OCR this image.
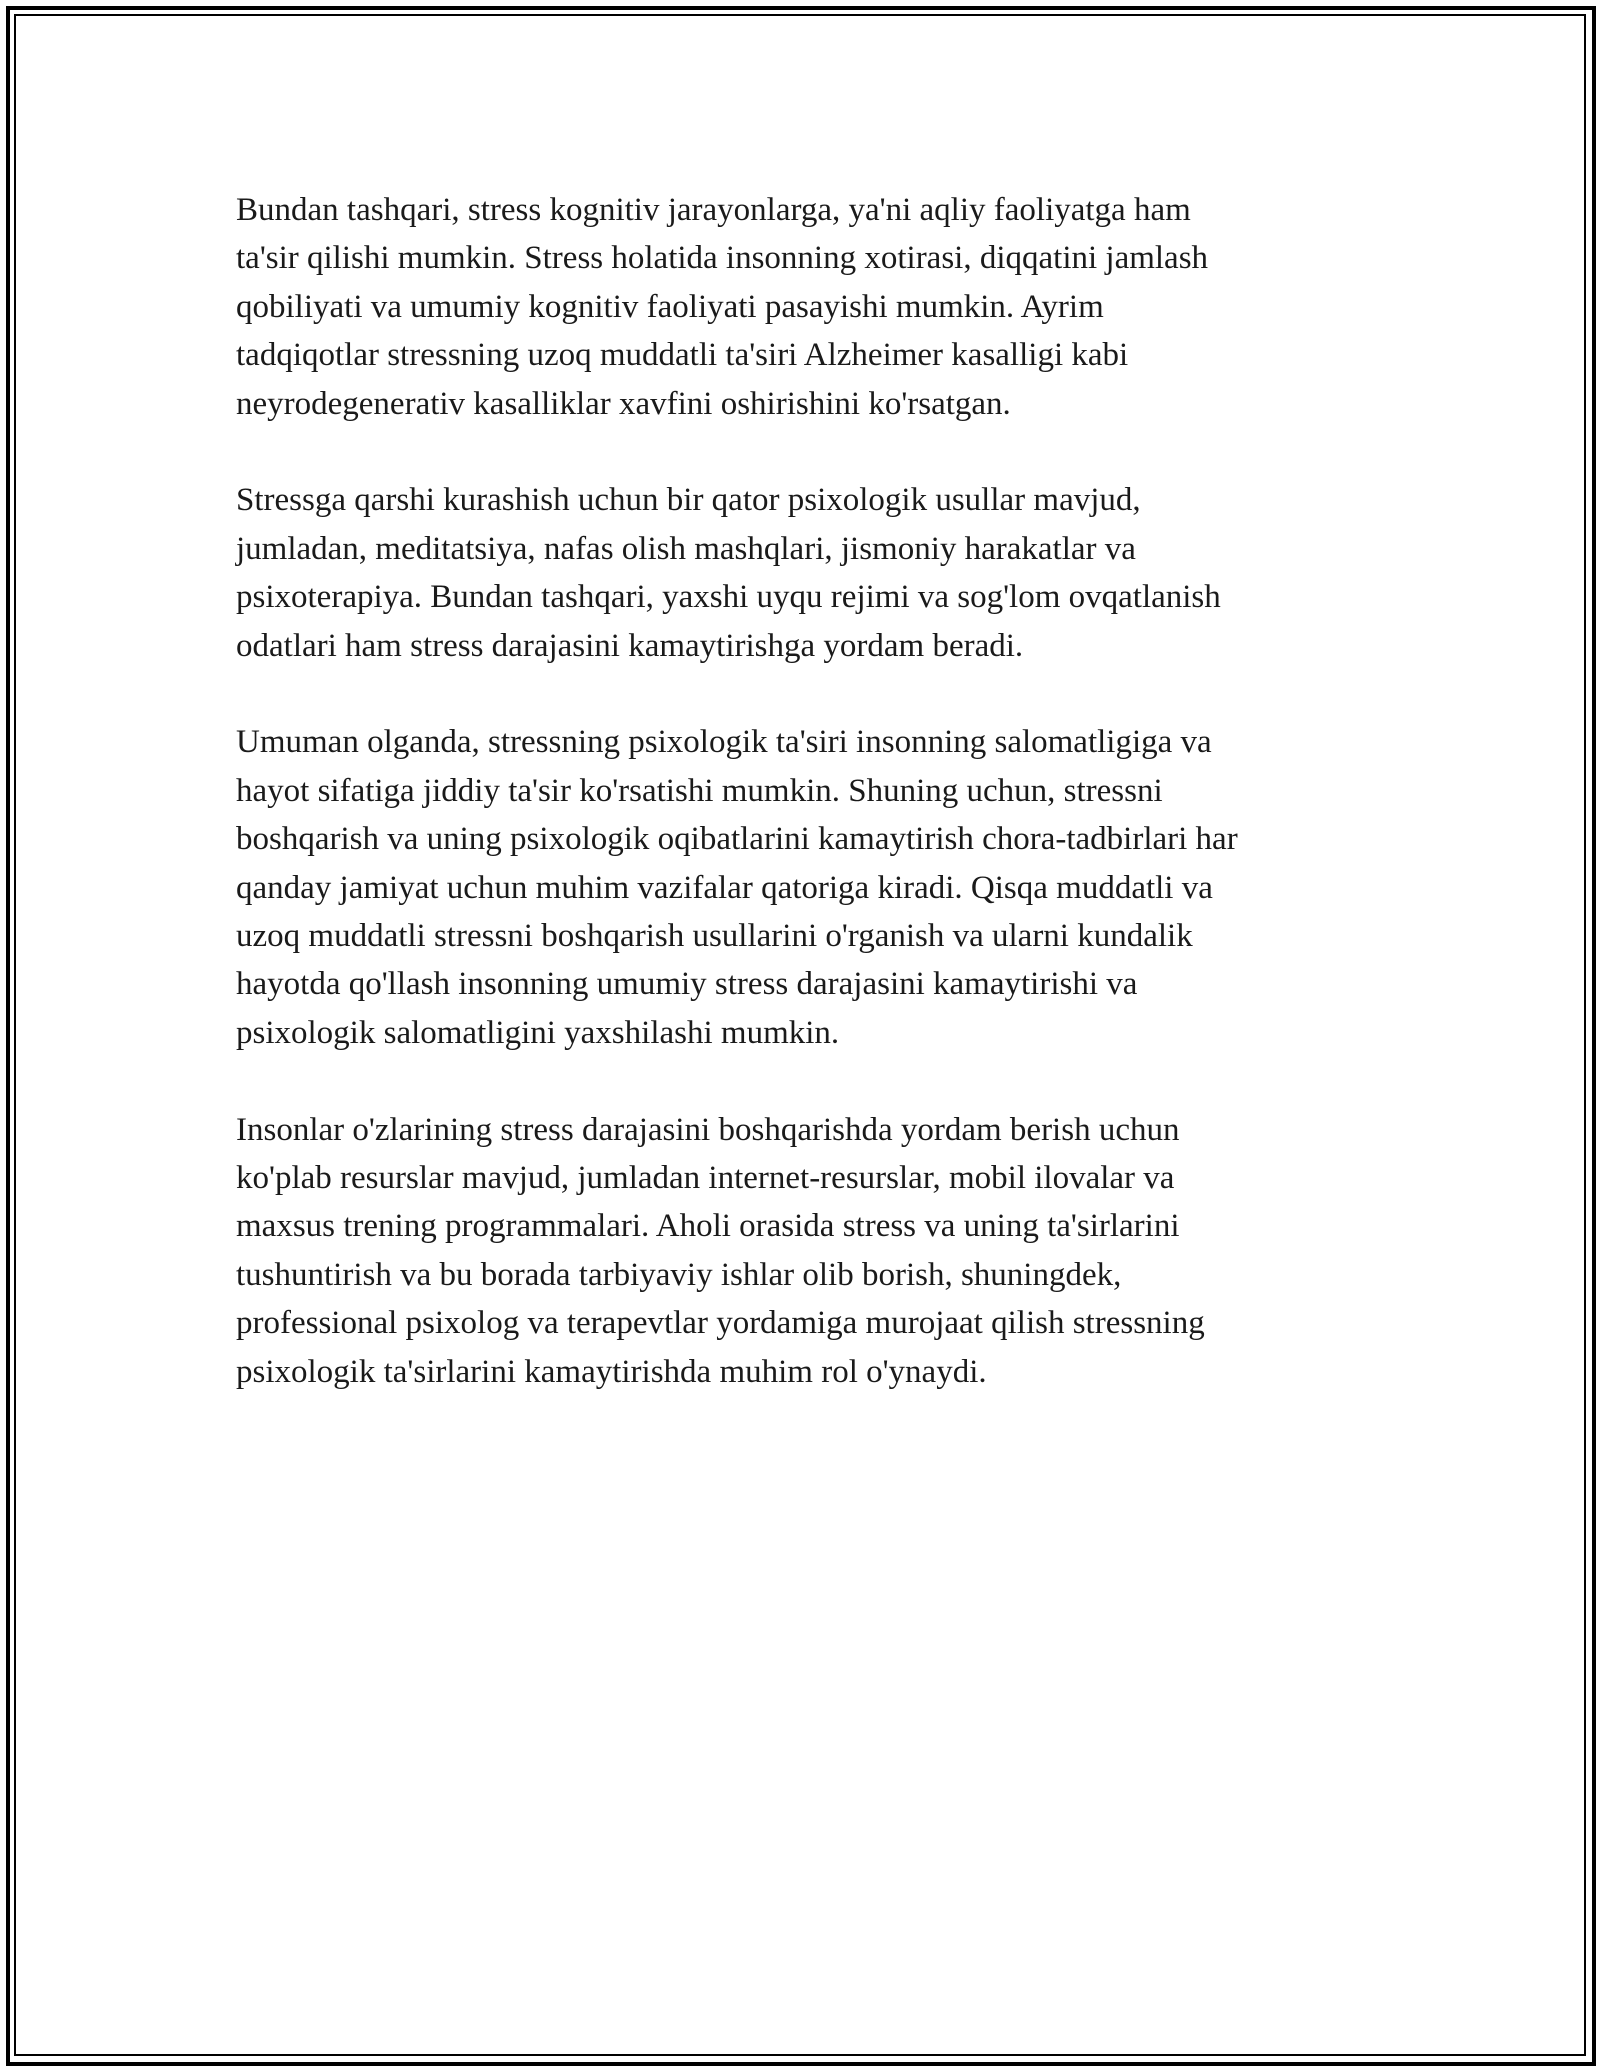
Bundan tashqari, stress kognitiv jarayonlarga, ya'ni aqliy faoliyatga ham
ta'sir qilishi mumkin. Stress holatida insonning xotirasi, diqqatini jamlash
qobiliyati va umumiy kognitiv faoliyati pasayishi mumkin. Ayrim
tadqiqotlar stressning uzoq muddatli ta'siri Alzheimer kasalligi kabi
neyrodegenerativ kasalliklar xavfini oshirishini ko'rsatgan.
Stressga qarshi kurashish uchun bir qator psixologik usullar mavjud,
jumladan, meditatsiya, nafas olish mashqlari, jismoniy harakatlar va
psixoterapiya. Bundan tashqari, yaxshi uyqu rejimi va sog'lom ovqatlanish
odatlari ham stress darajasini kamaytirishga yordam beradi.
Umuman olganda, stressning psixologik ta'siri insonning salomatligiga va
hayot sifatiga jiddiy ta'sir ko'rsatishi mumkin. Shuning uchun, stressni
boshqarish va uning psixologik oqibatlarini kamaytirish chora-tadbirlari har
qanday jamiyat uchun muhim vazifalar qatoriga kiradi. Qisqa muddatli va
uzoq muddatli stressni boshqarish usullarini o'rganish va ularni kundalik
hayotda qo'llash insonning umumiy stress darajasini kamaytirishi va
psixologik salomatligini yaxshilashi mumkin.
Insonlar o'zlarining stress darajasini boshqarishda yordam berish uchun
ko'plab resurslar mavjud, jumladan internet-resurslar, mobil ilovalar va
maxsus trening programmalari. Aholi orasida stress va uning ta'sirlarini
tushuntirish va bu borada tarbiyaviy ishlar olib borish, shuningdek,
professional psixolog va terapevtlar yordamiga murojaat qilish stressning
psixologik ta'sirlarini kamaytirishda muhim rol o'ynaydi.
